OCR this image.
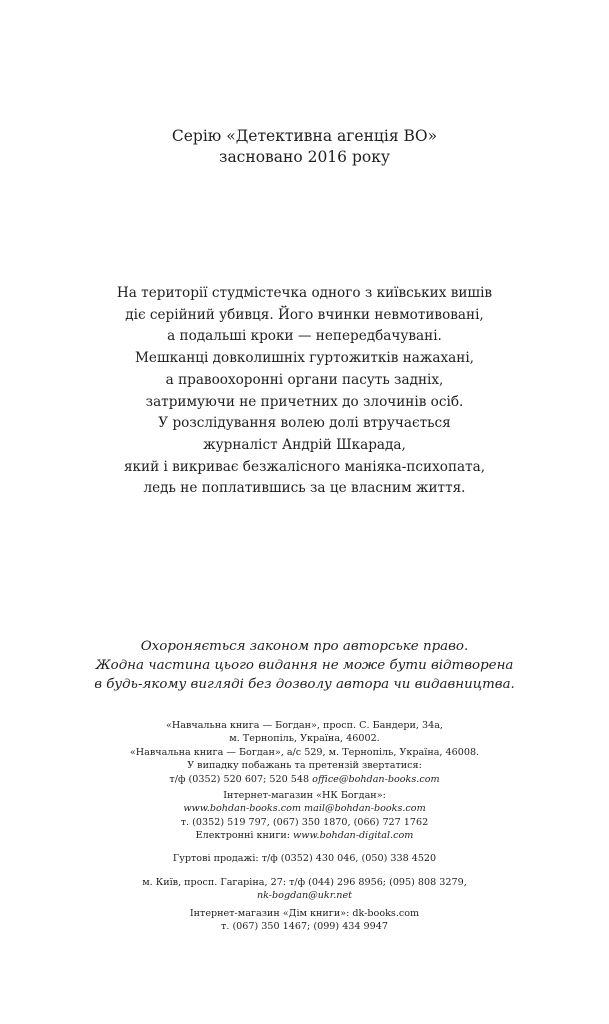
Серію «Детективна агенція ВО»
засновано 2016 року
На території студмістечка одного з київських вишів
діє серійний убивця. Його вчинки невмотивовані,
а подальші кроки — непередбачувані.
Мешканці довколишніх гуртожитків нажахані,
а правоохоронні органи пасуть задніх,
затримуючи не причетних до злочинів осіб.
У розслідування волею долі втручається
журналіст Андрій Шкарада,
який і викриває безжалісного маніяка-психопата,
ледь не поплатившись за це власним життя.
Охороняється законом про авторське право.
Жодна частина цього видання не може бути відтворена
в будь-якому вигляді без дозволу автора чи видавництва.
«Навчальна книга — Богдан», просп. С. Бандери, 34а,
м. Тернопіль, Україна, 46002.
«Навчальна книга — Богдан», а/с 529, м. Тернопіль, Україна, 46008.
У випадку побажань та претензій звертатися:
т/ф (0352) 520 607; 520 548 office@bohdan-books.com
Інтернет-магазин «НК Богдан»:
www.bohdan-books.com mail@bohdan-books.com
т. (0352) 519 797, (067) 350 1870, (066) 727 1762
Електронні книги: www.bohdan-digital.com
Гуртові продажі: т/ф (0352) 430 046, (050) 338 4520
м. Київ, просп. Гагаріна, 27: т/ф (044) 296 8956; (095) 808 3279,
nk-bogdan@ukr.net
Інтернет-магазин «Дім книги»: dk-books.com
т. (067) 350 1467; (099) 434 9947
